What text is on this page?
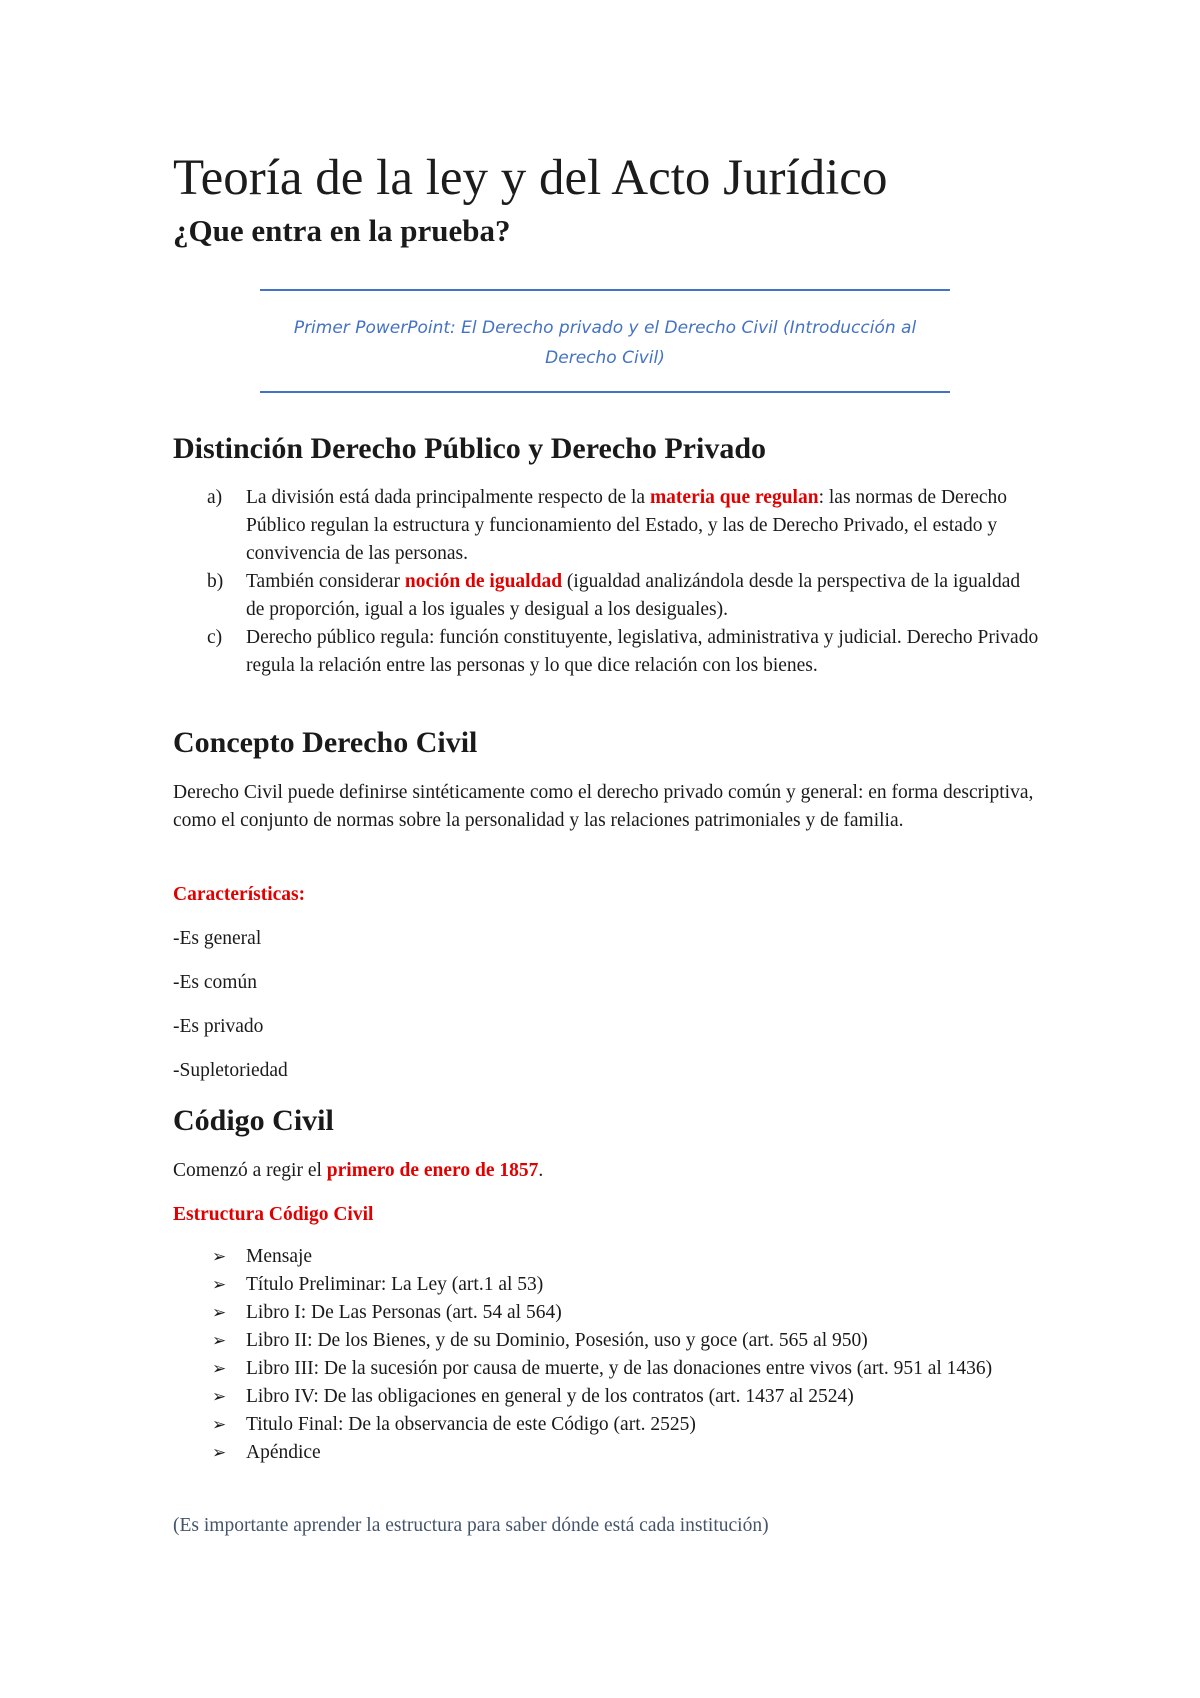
Teoría de la ley y del Acto Jurídico
¿Que entra en la prueba?
Primer PowerPoint: El Derecho privado y el Derecho Civil (Introducción al Derecho Civil)
Distinción Derecho Público y Derecho Privado
a) La división está dada principalmente respecto de la materia que regulan: las normas de Derecho Público regulan la estructura y funcionamiento del Estado, y las de Derecho Privado, el estado y convivencia de las personas.
b) También considerar noción de igualdad (igualdad analizándola desde la perspectiva de la igualdad de proporción, igual a los iguales y desigual a los desiguales).
c) Derecho público regula: función constituyente, legislativa, administrativa y judicial. Derecho Privado regula la relación entre las personas y lo que dice relación con los bienes.
Concepto Derecho Civil

Derecho Civil puede definirse sintéticamente como el derecho privado común y general: en forma descriptiva, como el conjunto de normas sobre la personalidad y las relaciones patrimoniales y de familia.

Características:

-Es general

-Es común

-Es privado

-Supletoriedad

Código Civil

Comenzó a regir el primero de enero de 1857.

Estructura Código Civil

➢ Mensaje
➢ Título Preliminar: La Ley (art.1 al 53)
➢ Libro I: De Las Personas (art. 54 al 564)
➢ Libro II: De los Bienes, y de su Dominio, Posesión, uso y goce (art. 565 al 950)
➢ Libro III: De la sucesión por causa de muerte, y de las donaciones entre vivos (art. 951 al 1436)
➢ Libro IV: De las obligaciones en general y de los contratos (art. 1437 al 2524)
➢ Titulo Final: De la observancia de este Código (art. 2525)
➢ Apéndice

(Es importante aprender la estructura para saber dónde está cada institución)
